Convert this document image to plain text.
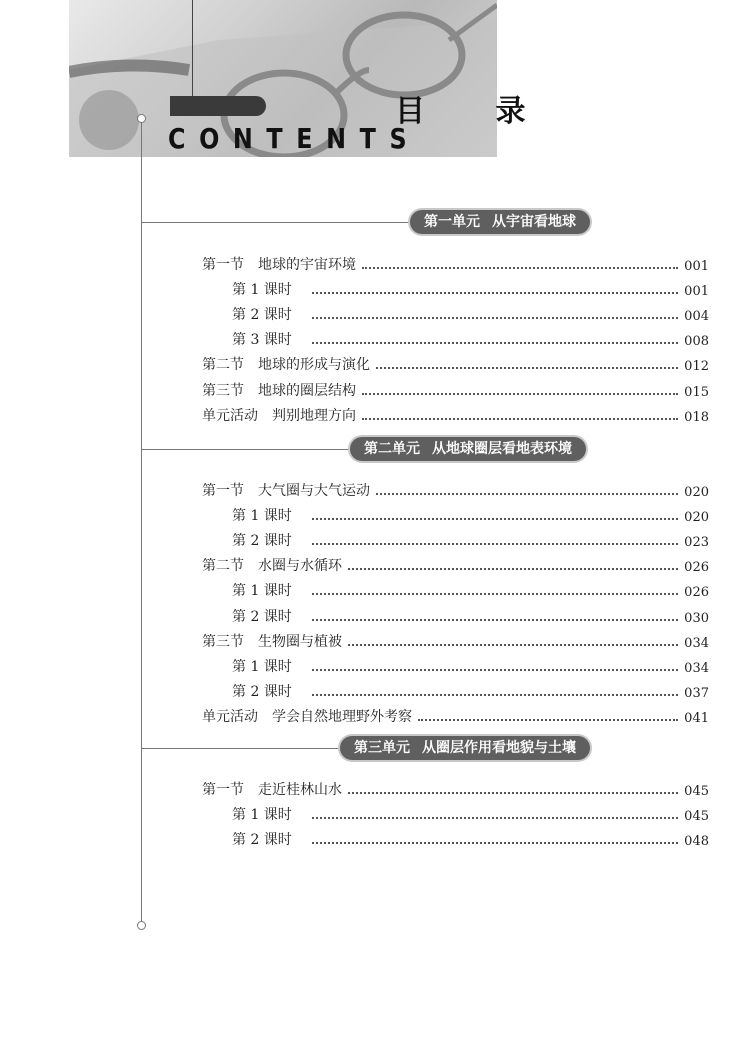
目 录
CONTENTS
第一单元 从宇宙看地球
第二单元 从地球圈层看地表环境
第三单元 从圈层作用看地貌与土壤
第一节 地球的宇宙环境	001
第 1 课时	001
第 2 课时	004
第 3 课时	008
第二节 地球的形成与演化	012
第三节 地球的圈层结构	015
单元活动 判别地理方向	018
第一节 大气圈与大气运动	020
第 1 课时	020
第 2 课时	023
第二节 水圈与水循环	026
第 1 课时	026
第 2 课时	030
第三节 生物圈与植被	034
第 1 课时	034
第 2 课时	037
单元活动 学会自然地理野外考察	041
第一节 走近桂林山水	045
第 1 课时	045
第 2 课时	048
